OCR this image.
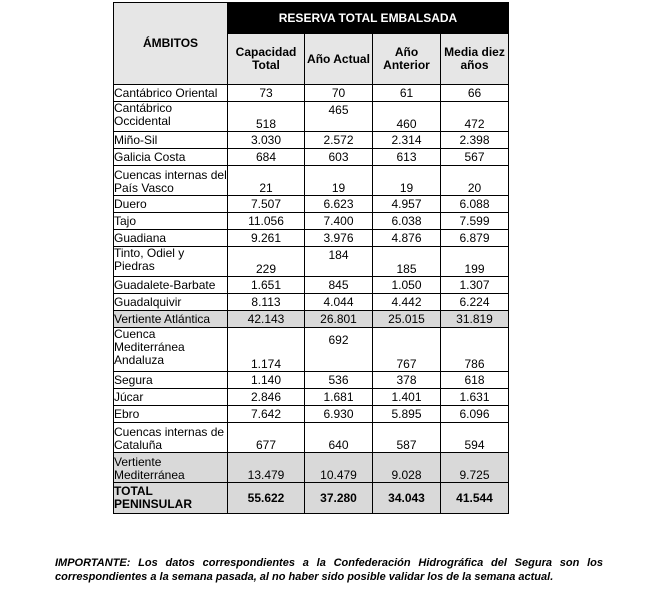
ÁMBITOS	RESERVA TOTAL EMBALSADA			
	Capacidad Total	Año Actual	Año Anterior	Media diez años
Cantábrico Oriental	73	70	61	66
Cantábrico Occidental	518	465	460	472
Miño-Sil	3.030	2.572	2.314	2.398
Galicia Costa	684	603	613	567
Cuencas internas del País Vasco	21	19	19	20
Duero	7.507	6.623	4.957	6.088
Tajo	11.056	7.400	6.038	7.599
Guadiana	9.261	3.976	4.876	6.879
Tinto, Odiel y Piedras	229	184	185	199
Guadalete-Barbate	1.651	845	1.050	1.307
Guadalquivir	8.113	4.044	4.442	6.224
Vertiente Atlántica	42.143	26.801	25.015	31.819
Cuenca Mediterránea Andaluza	1.174	692	767	786
Segura	1.140	536	378	618
Júcar	2.846	1.681	1.401	1.631
Ebro	7.642	6.930	5.895	6.096
Cuencas internas de Cataluña	677	640	587	594
Vertiente Mediterránea	13.479	10.479	9.028	9.725
TOTAL PENINSULAR	55.622	37.280	34.043	41.544
IMPORTANTE: Los datos correspondientes a la Confederación Hidrográfica del Segura son los correspondientes a la semana pasada, al no haber sido posible validar los de la semana actual.
